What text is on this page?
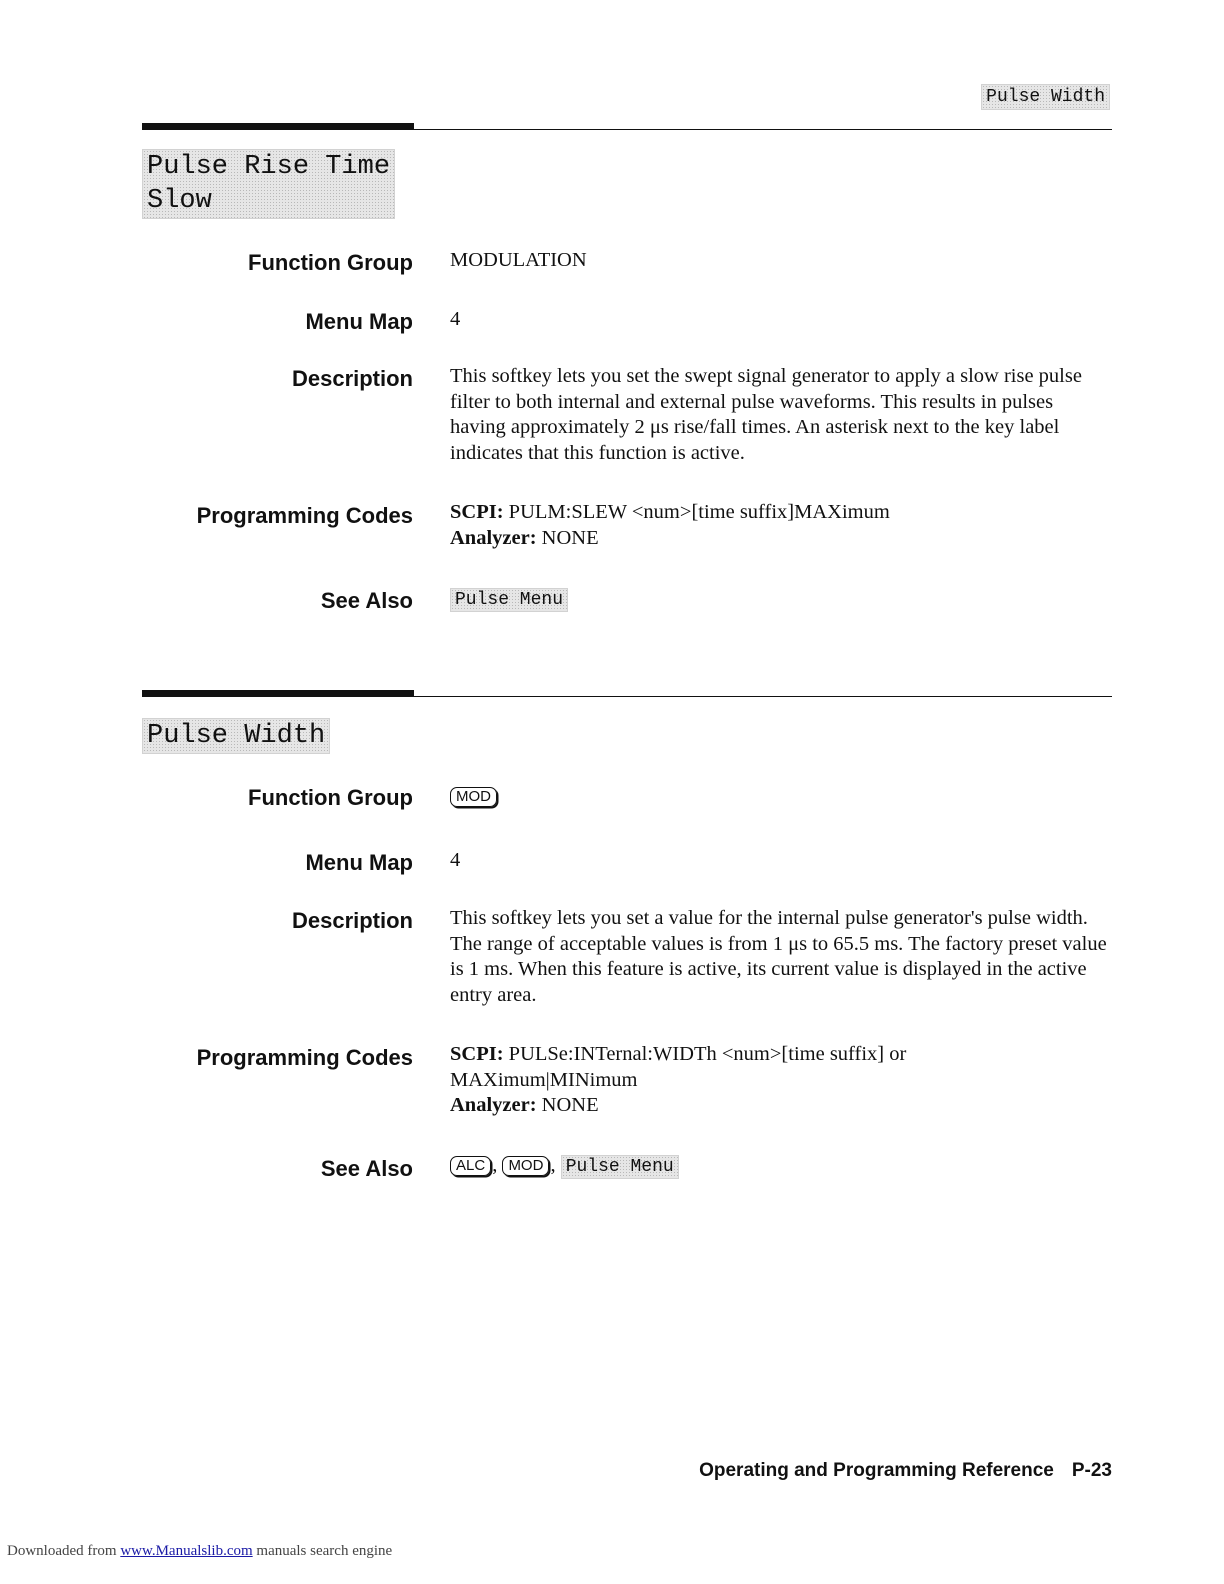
Pulse Width
Pulse Rise Time
Slow
Function Group MODULATION
Menu Map 4
Description This softkey lets you set the swept signal generator to apply a slow rise pulse filter to both internal and external pulse waveforms. This results in pulses having approximately 2 μs rise/fall times. An asterisk next to the key label indicates that this function is active.
Programming Codes SCPI: PULM:SLEW <num>[time suffix]MAXimum
Analyzer: NONE
See Also Pulse Menu
Pulse Width
Function Group	MOD
Menu Map 4
Description This softkey lets you set a value for the internal pulse generator's pulse width. The range of acceptable values is from 1 μs to 65.5 ms. The factory preset value is 1 ms. When this feature is active, its current value is displayed in the active entry area.
Programming Codes SCPI: PULSe:INTernal:WIDTh <num>[time suffix] or MAXimum|MINimum
Analyzer: NONE
See Also	ALC , MOD , Pulse Menu
Operating and Programming Reference P-23
Downloaded from www.Manualslib.com manuals search engine
